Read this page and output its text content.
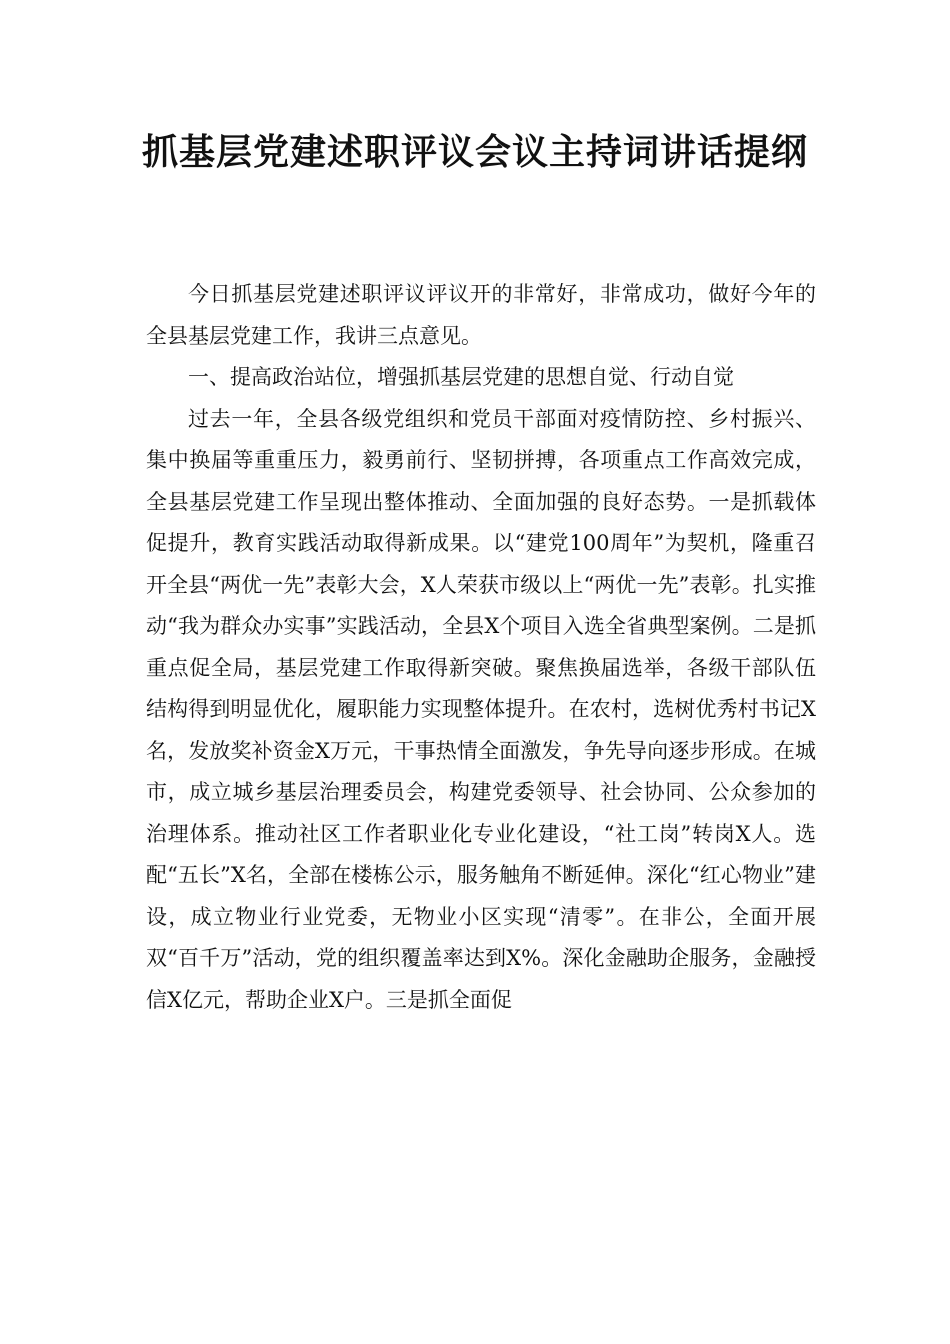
抓基层党建述职评议会议主持词讲话提纲

今日抓基层党建述职评议评议开的非常好，非常成功，做好今年的全县基层党建工作，我讲三点意见。

一、提高政治站位，增强抓基层党建的思想自觉、行动自觉

过去一年，全县各级党组织和党员干部面对疫情防控、乡村振兴、集中换届等重重压力，毅勇前行、坚韧拼搏，各项重点工作高效完成，全县基层党建工作呈现出整体推动、全面加强的良好态势。一是抓载体促提升，教育实践活动取得新成果。以“建党100周年”为契机，隆重召开全县“两优一先”表彰大会，X人荣获市级以上“两优一先”表彰。扎实推动“我为群众办实事”实践活动，全县X个项目入选全省典型案例。二是抓重点促全局，基层党建工作取得新突破。聚焦换届选举，各级干部队伍结构得到明显优化，履职能力实现整体提升。在农村，选树优秀村书记X名，发放奖补资金X万元，干事热情全面激发，争先导向逐步形成。在城市，成立城乡基层治理委员会，构建党委领导、社会协同、公众参加的治理体系。推动社区工作者职业化专业化建设，“社工岗”转岗X人。选配“五长”X名，全部在楼栋公示，服务触角不断延伸。深化“红心物业”建设，成立物业行业党委，无物业小区实现“清零”。在非公，全面开展双“百千万”活动，党的组织覆盖率达到X%。深化金融助企服务，金融授信X亿元，帮助企业X户。三是抓全面促
